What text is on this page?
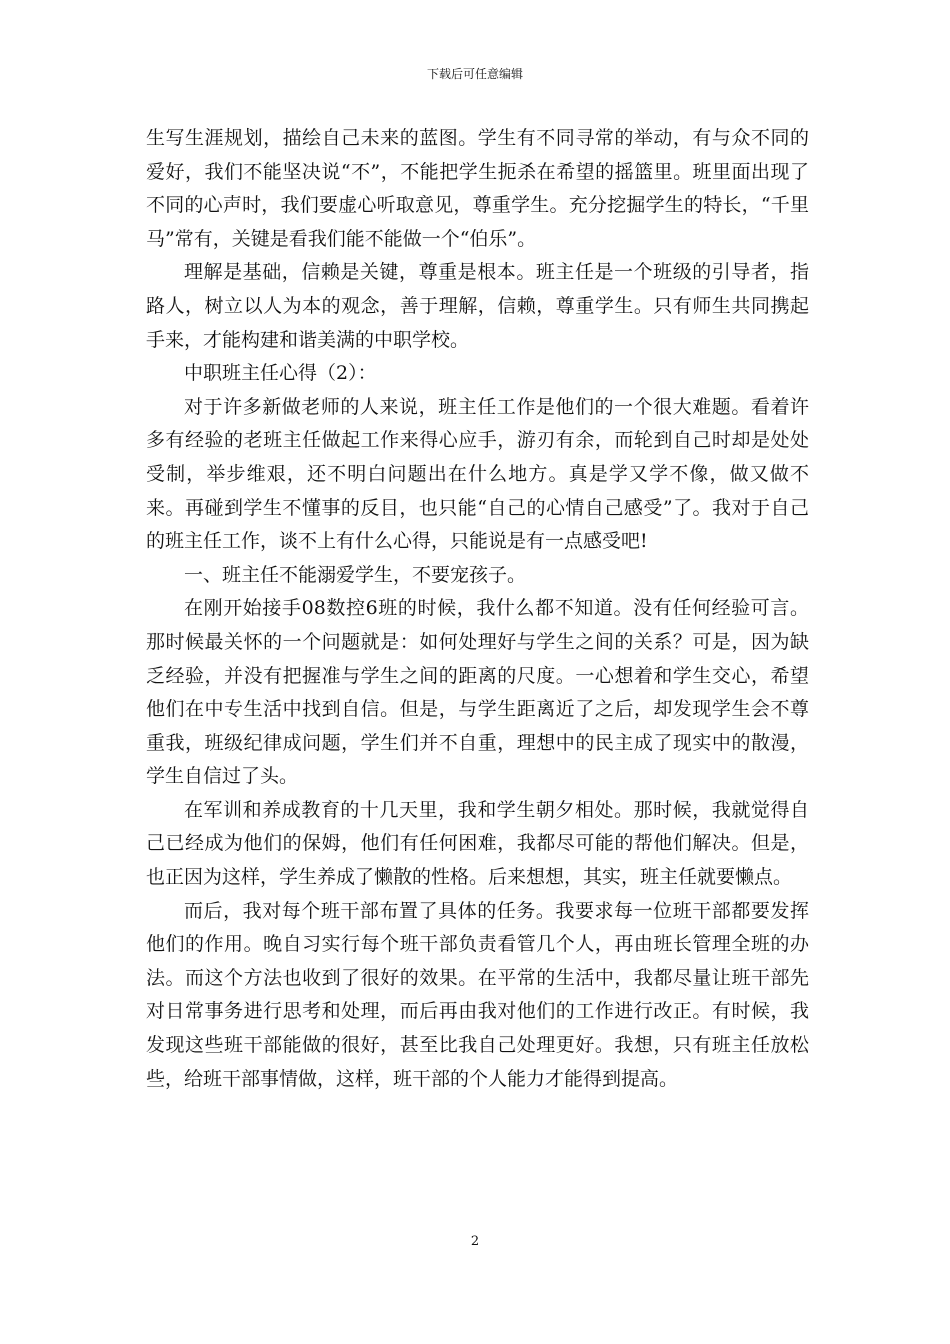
下载后可任意编辑

生写生涯规划，描绘自己未来的蓝图。学生有不同寻常的举动，有与众不同的爱好，我们不能坚决说“不”，不能把学生扼杀在希望的摇篮里。班里面出现了不同的心声时，我们要虚心听取意见，尊重学生。充分挖掘学生的特长，“千里马”常有，关键是看我们能不能做一个“伯乐”。

理解是基础，信赖是关键，尊重是根本。班主任是一个班级的引导者，指路人，树立以人为本的观念，善于理解，信赖，尊重学生。只有师生共同携起手来，才能构建和谐美满的中职学校。

中职班主任心得（2）：

对于许多新做老师的人来说，班主任工作是他们的一个很大难题。看着许多有经验的老班主任做起工作来得心应手，游刃有余，而轮到自己时却是处处受制，举步维艰，还不明白问题出在什么地方。真是学又学不像，做又做不来。再碰到学生不懂事的反目，也只能“自己的心情自己感受”了。我对于自己的班主任工作，谈不上有什么心得，只能说是有一点感受吧!

一、班主任不能溺爱学生，不要宠孩子。

在刚开始接手08数控6班的时候，我什么都不知道。没有任何经验可言。那时候最关怀的一个问题就是：如何处理好与学生之间的关系？可是，因为缺乏经验，并没有把握准与学生之间的距离的尺度。一心想着和学生交心，希望他们在中专生活中找到自信。但是，与学生距离近了之后，却发现学生会不尊重我，班级纪律成问题，学生们并不自重，理想中的民主成了现实中的散漫，学生自信过了头。

在军训和养成教育的十几天里，我和学生朝夕相处。那时候，我就觉得自己已经成为他们的保姆，他们有任何困难，我都尽可能的帮他们解决。但是，也正因为这样，学生养成了懒散的性格。后来想想，其实，班主任就要懒点。

而后，我对每个班干部布置了具体的任务。我要求每一位班干部都要发挥他们的作用。晚自习实行每个班干部负责看管几个人，再由班长管理全班的办法。而这个方法也收到了很好的效果。在平常的生活中，我都尽量让班干部先对日常事务进行思考和处理，而后再由我对他们的工作进行改正。有时候，我发现这些班干部能做的很好，甚至比我自己处理更好。我想，只有班主任放松些，给班干部事情做，这样，班干部的个人能力才能得到提高。

2
